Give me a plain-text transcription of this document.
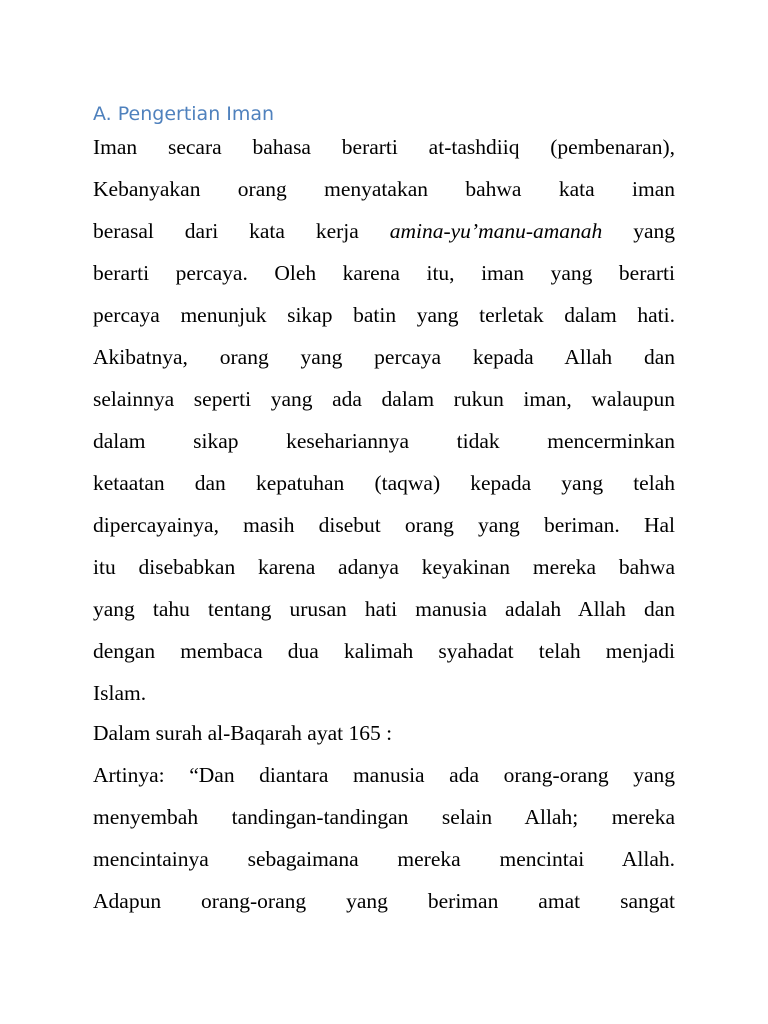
A. Pengertian Iman
Iman secara bahasa berarti at-tashdiiq (pembenaran),
Kebanyakan orang menyatakan bahwa kata iman
berasal dari kata kerja amina-yu’manu-amanah yang
berarti percaya. Oleh karena itu, iman yang berarti
percaya menunjuk sikap batin yang terletak dalam hati.
Akibatnya, orang yang percaya kepada Allah dan
selainnya seperti yang ada dalam rukun iman, walaupun
dalam sikap kesehariannya tidak mencerminkan
ketaatan dan kepatuhan (taqwa) kepada yang telah
dipercayainya, masih disebut orang yang beriman. Hal
itu disebabkan karena adanya keyakinan mereka bahwa
yang tahu tentang urusan hati manusia adalah Allah dan
dengan membaca dua kalimah syahadat telah menjadi
Islam.
Dalam surah al-Baqarah ayat 165 :
Artinya: “Dan diantara manusia ada orang-orang yang
menyembah tandingan-tandingan selain Allah; mereka
mencintainya sebagaimana mereka mencintai Allah.
Adapun orang-orang yang beriman amat sangat
